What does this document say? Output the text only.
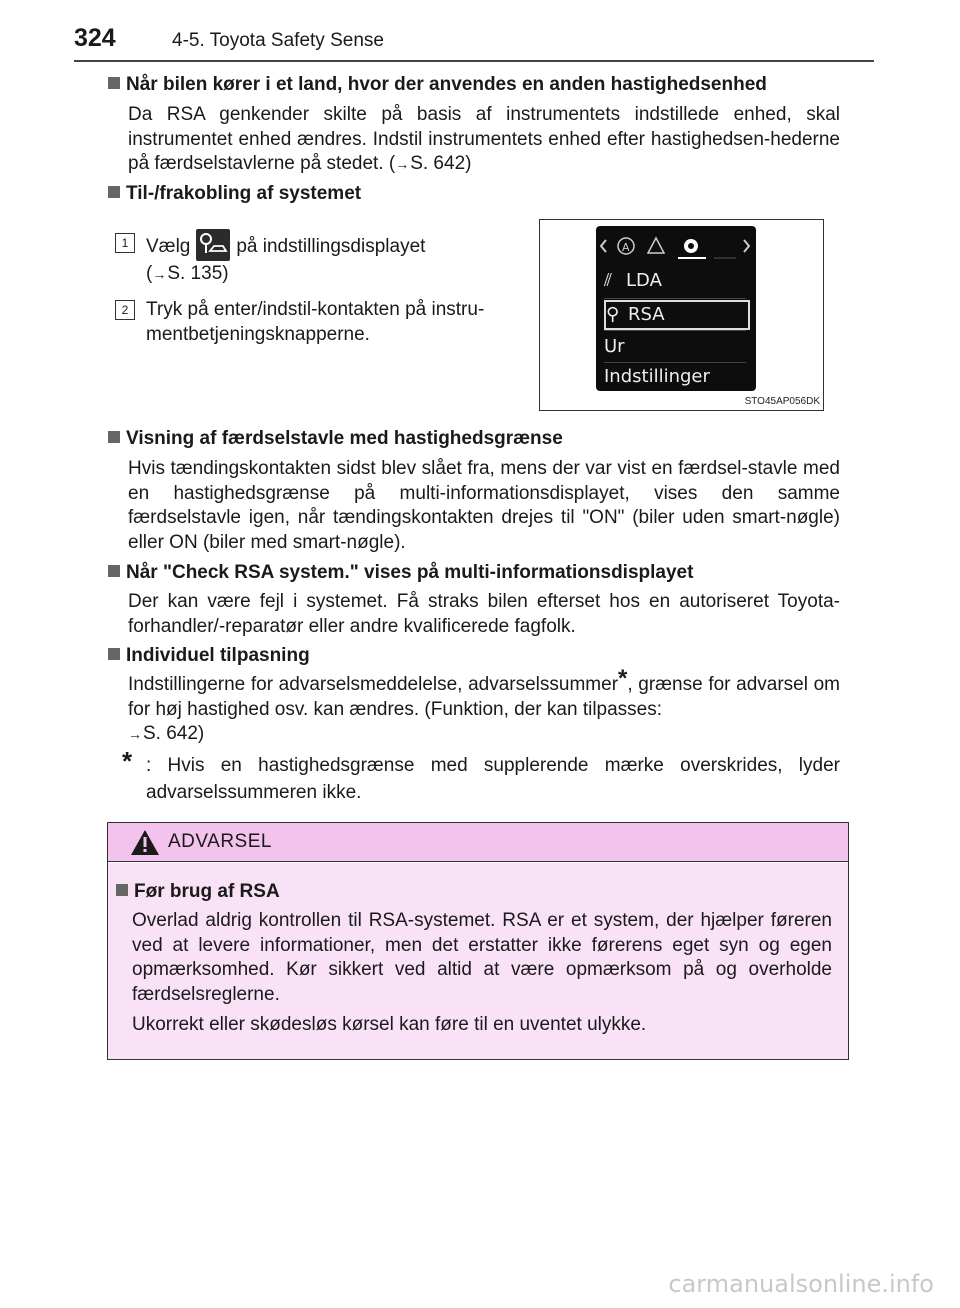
324	4-5. Toyota Safety Sense
Når bilen kører i et land, hvor der anvendes en anden hastighedsenhed
Da RSA genkender skilte på basis af instrumentets indstillede enhed, skal instrumentet enhed ændres. Indstil instrumentets enhed efter hastighedsen-hederne på færdselstavlerne på stedet. (→S. 642)
Til-/frakobling af systemet
1 Vælg på indstillingsdisplayet
(→S. 135)
2 Tryk på enter/indstil-kontakten på instru-mentbetjeningsknapperne.
A
⫽ LDA
⚲ RSA
Ur
Indstillinger
STO45AP056DK
Visning af færdselstavle med hastighedsgrænse
Hvis tændingskontakten sidst blev slået fra, mens der var vist en færdsel-stavle med en hastighedsgrænse på multi-informationsdisplayet, vises den samme færdselstavle igen, når tændingskontakten drejes til "ON" (biler uden smart-nøgle) eller ON (biler med smart-nøgle).
Når "Check RSA system." vises på multi-informationsdisplayet
Der kan være fejl i systemet. Få straks bilen efterset hos en autoriseret Toyota-forhandler/-reparatør eller andre kvalificerede fagfolk.
Individuel tilpasning
Indstillingerne for advarselsmeddelelse, advarselssummer*, grænse for advarsel om for høj hastighed osv. kan ændres. (Funktion, der kan tilpasses:
→S. 642)
* : Hvis en hastighedsgrænse med supplerende mærke overskrides, lyder advarselssummeren ikke.
ADVARSEL
Før brug af RSA
Overlad aldrig kontrollen til RSA-systemet. RSA er et system, der hjælper føreren ved at levere informationer, men det erstatter ikke førerens eget syn og egen opmærksomhed. Kør sikkert ved altid at være opmærksom på og overholde færdselsreglerne.
Ukorrekt eller skødesløs kørsel kan føre til en uventet ulykke.
carmanualsonline.info
